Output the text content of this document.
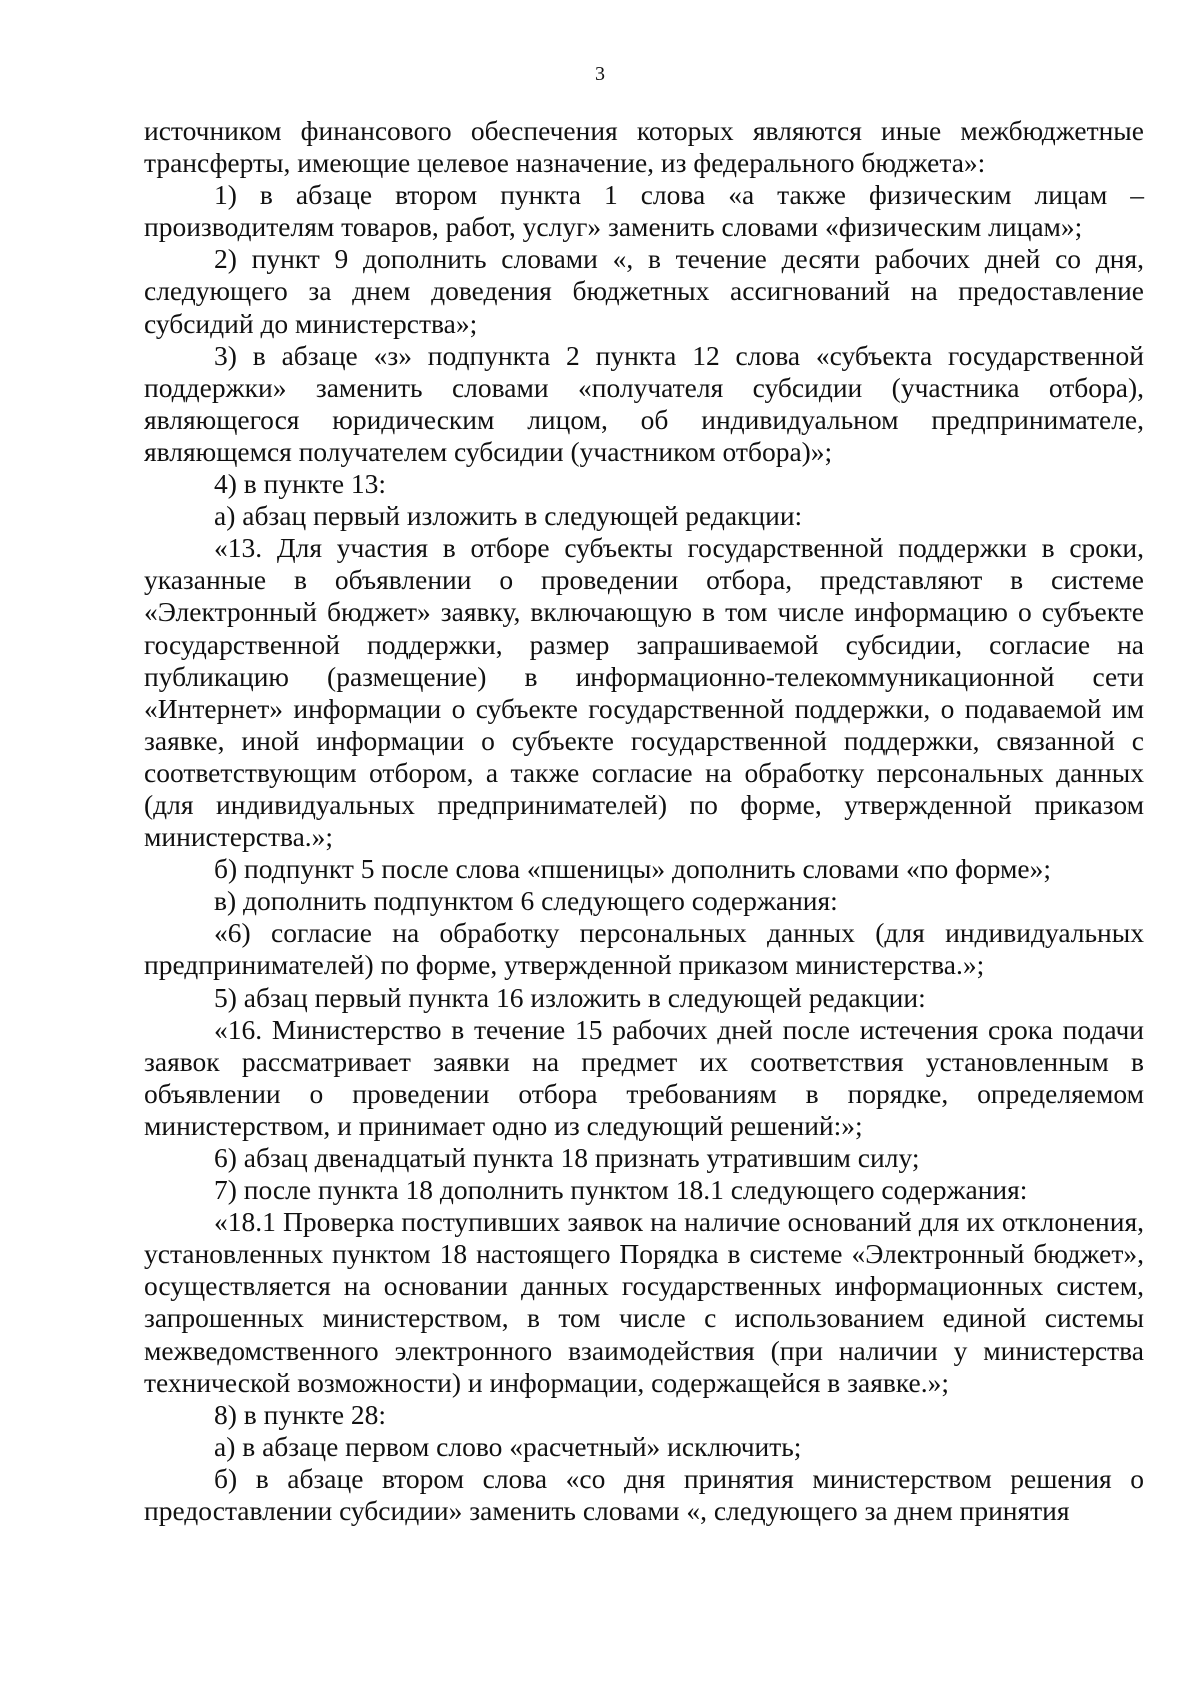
3

источником финансового обеспечения которых являются иные межбюджетные трансферты, имеющие целевое назначение, из федерального бюджета»:

1) в абзаце втором пункта 1 слова «а также физическим лицам – производителям товаров, работ, услуг» заменить словами «физическим лицам»;

2) пункт 9 дополнить словами «, в течение десяти рабочих дней со дня, следующего за днем доведения бюджетных ассигнований на предоставление субсидий до министерства»;

3) в абзаце «з» подпункта 2 пункта 12 слова «субъекта государственной поддержки» заменить словами «получателя субсидии (участника отбора), являющегося юридическим лицом, об индивидуальном предпринимателе, являющемся получателем субсидии (участником отбора)»;

4) в пункте 13:

а) абзац первый изложить в следующей редакции:

«13. Для участия в отборе субъекты государственной поддержки в сроки, указанные в объявлении о проведении отбора, представляют в системе «Электронный бюджет» заявку, включающую в том числе информацию о субъекте государственной поддержки, размер запрашиваемой субсидии, согласие на публикацию (размещение) в информационно-телекоммуникационной сети «Интернет» информации о субъекте государственной поддержки, о подаваемой им заявке, иной информации о субъекте государственной поддержки, связанной с соответствующим отбором, а также согласие на обработку персональных данных (для индивидуальных предпринимателей) по форме, утвержденной приказом министерства.»;

б) подпункт 5 после слова «пшеницы» дополнить словами «по форме»;

в) дополнить подпунктом 6 следующего содержания:

«6) согласие на обработку персональных данных (для индивидуальных предпринимателей) по форме, утвержденной приказом министерства.»;

5) абзац первый пункта 16 изложить в следующей редакции:

«16. Министерство в течение 15 рабочих дней после истечения срока подачи заявок рассматривает заявки на предмет их соответствия установленным в объявлении о проведении отбора требованиям в порядке, определяемом министерством, и принимает одно из следующий решений:»;

6) абзац двенадцатый пункта 18 признать утратившим силу;

7) после пункта 18 дополнить пунктом 18.1 следующего содержания:

«18.1 Проверка поступивших заявок на наличие оснований для их отклонения, установленных пунктом 18 настоящего Порядка в системе «Электронный бюджет», осуществляется на основании данных государственных информационных систем, запрошенных министерством, в том числе с использованием единой системы межведомственного электронного взаимодействия (при наличии у министерства технической возможности) и информации, содержащейся в заявке.»;

8) в пункте 28:

а) в абзаце первом слово «расчетный» исключить;

б) в абзаце втором слова «со дня принятия министерством решения о предоставлении субсидии» заменить словами «, следующего за днем принятия
